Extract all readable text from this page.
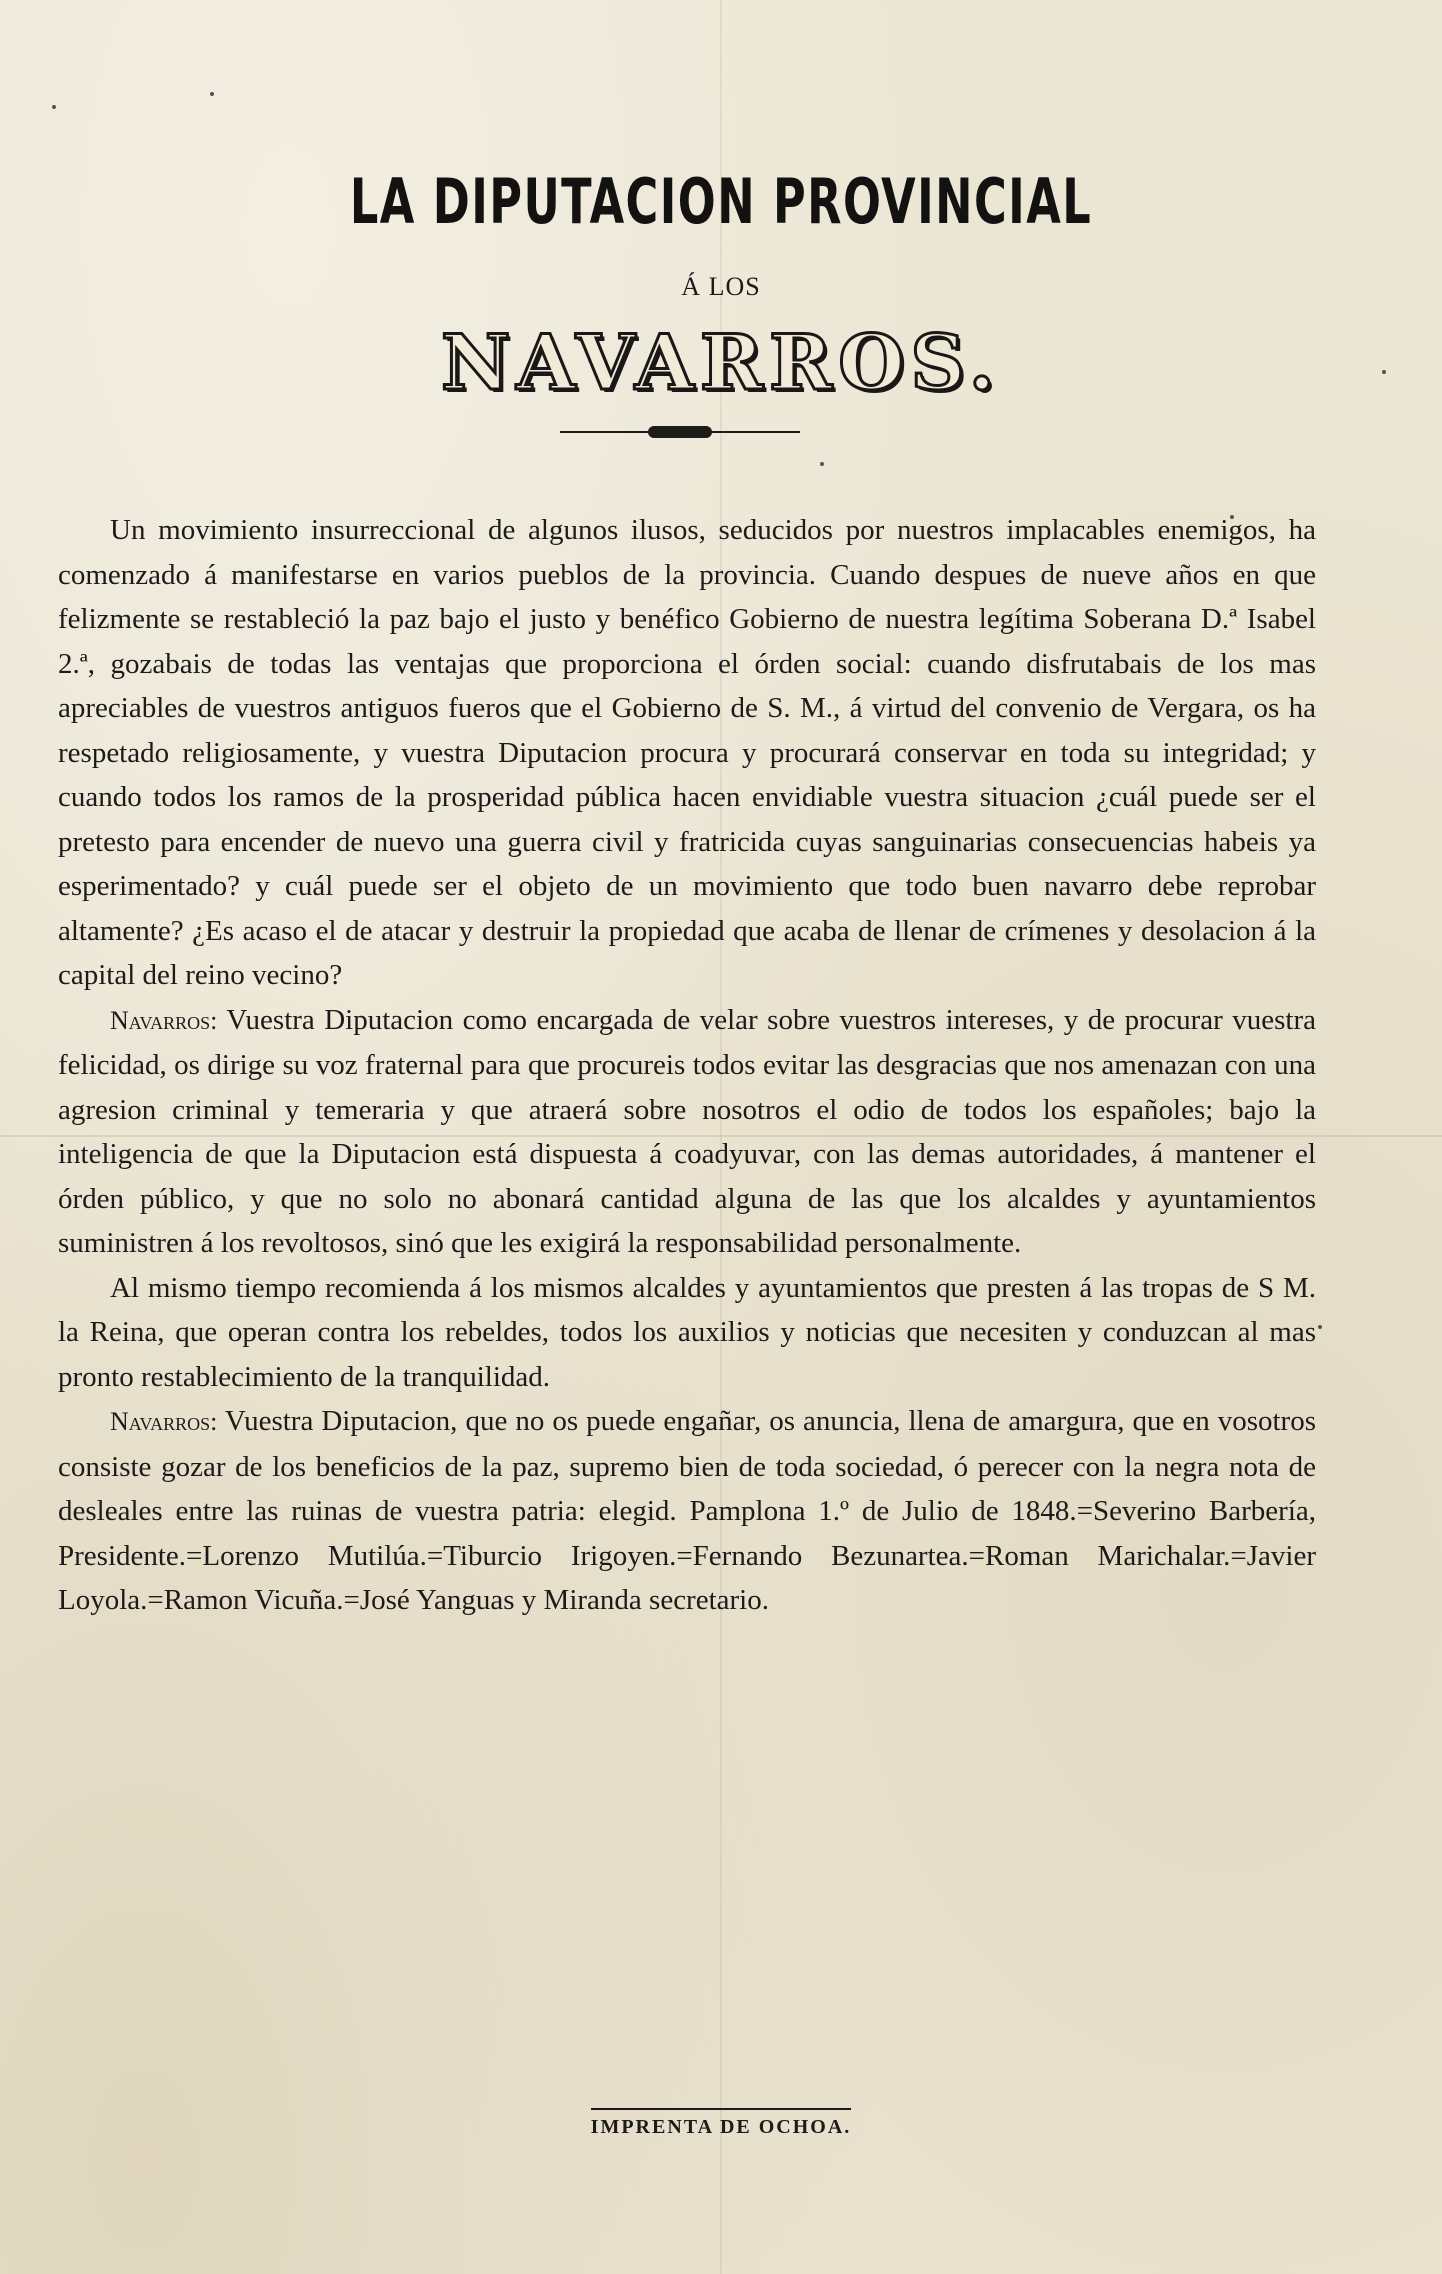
LA DIPUTACION PROVINCIAL
Á LOS
NAVARROS.

Un movimiento insurreccional de algunos ilusos, seducidos por nuestros implacables enemigos, ha comenzado á manifestarse en varios pueblos de la provincia. Cuando despues de nueve años en que felizmente se restableció la paz bajo el justo y benéfico Gobierno de nuestra legítima Soberana D.ª Isabel 2.ª, gozabais de todas las ventajas que proporciona el órden social: cuando disfrutabais de los mas apreciables de vuestros antiguos fueros que el Gobierno de S. M., á virtud del convenio de Vergara, os ha respetado religiosamente, y vuestra Diputacion procura y procurará conservar en toda su integridad; y cuando todos los ramos de la prosperidad pública hacen envidiable vuestra situacion ¿cuál puede ser el pretesto para encender de nuevo una guerra civil y fratricida cuyas sanguinarias consecuencias habeis ya esperimentado? y cuál puede ser el objeto de un movimiento que todo buen navarro debe reprobar altamente? ¿Es acaso el de atacar y destruir la propiedad que acaba de llenar de crímenes y desolacion á la capital del reino vecino?

Navarros: Vuestra Diputacion como encargada de velar sobre vuestros intereses, y de procurar vuestra felicidad, os dirige su voz fraternal para que procureis todos evitar las desgracias que nos amenazan con una agresion criminal y temeraria y que atraerá sobre nosotros el odio de todos los españoles; bajo la inteligencia de que la Diputacion está dispuesta á coadyuvar, con las demas autoridades, á mantener el órden público, y que no solo no abonará cantidad alguna de las que los alcaldes y ayuntamientos suministren á los revoltosos, sinó que les exigirá la responsabilidad personalmente.

Al mismo tiempo recomienda á los mismos alcaldes y ayuntamientos que presten á las tropas de S M. la Reina, que operan contra los rebeldes, todos los auxilios y noticias que necesiten y conduzcan al mas pronto restablecimiento de la tranquilidad.

Navarros: Vuestra Diputacion, que no os puede engañar, os anuncia, llena de amargura, que en vosotros consiste gozar de los beneficios de la paz, supremo bien de toda sociedad, ó perecer con la negra nota de desleales entre las ruinas de vuestra patria: elegid. Pamplona 1.º de Julio de 1848.=Severino Barbería, Presidente.=Lorenzo Mutilúa.=Tiburcio Irigoyen.=Fernando Bezunartea.=Roman Marichalar.=Javier Loyola.=Ramon Vicuña.=José Yanguas y Miranda secretario.

IMPRENTA DE OCHOA.
